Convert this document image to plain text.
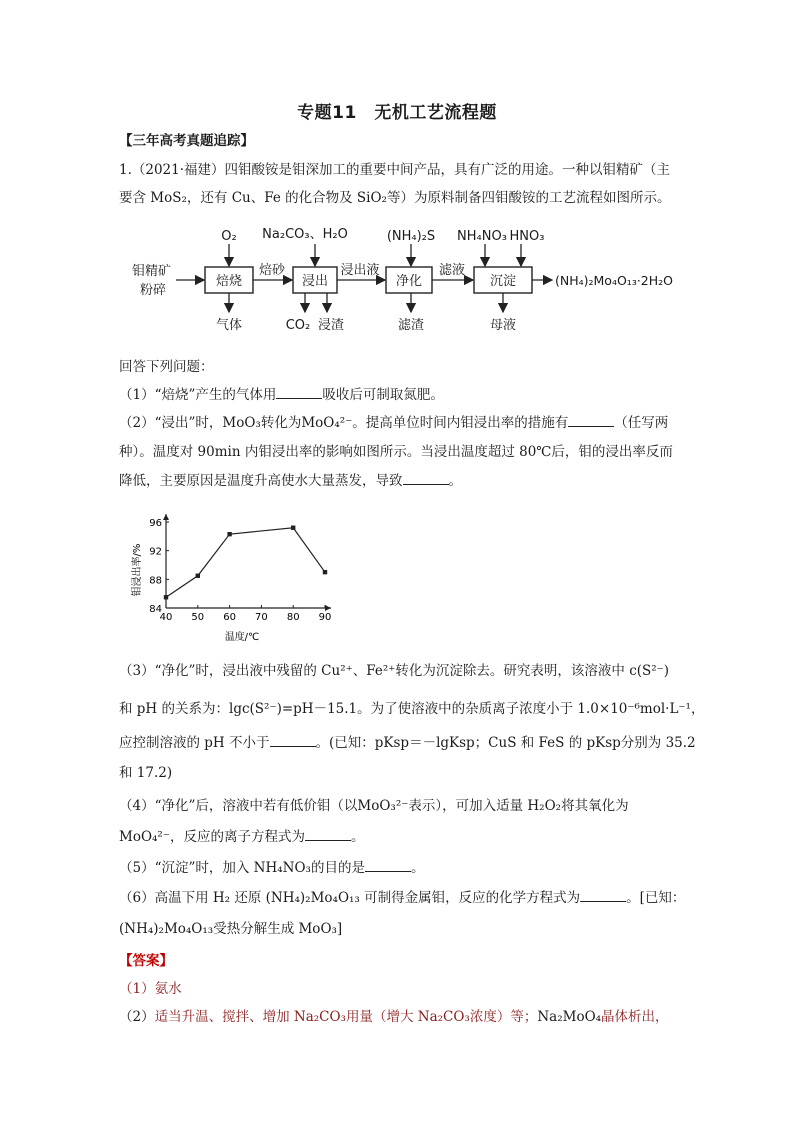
专题11　无机工艺流程题
【三年高考真题追踪】
1.（2021·福建）四钼酸铵是钼深加工的重要中间产品，具有广泛的用途。一种以钼精矿（主
要含 MoS₂，还有 Cu、Fe 的化合物及 SiO₂等）为原料制备四钼酸铵的工艺流程如图所示。
钼精矿
粉碎
焙烧
O₂
气体
焙砂
浸出
Na₂CO₃、H₂O
CO₂ 浸渣
浸出液
净化
(NH₄)₂S
滤渣
滤液
沉淀
NH₄NO₃ HNO₃
母液
(NH₄)₂Mo₄O₁₃·2H₂O
回答下列问题：
（1）“焙烧”产生的气体用	吸收后可制取氮肥。
（2）“浸出”时，MoO₃转化为MoO₄²⁻。提高单位时间内钼浸出率的措施有	（任写两
种）。温度对 90min 内钼浸出率的影响如图所示。当浸出温度超过 80℃后，钼的浸出率反而
降低，主要原因是温度升高使水大量蒸发，导致	。
40 50 60 70 80 90
84
88
92
96
温度/℃
钼浸出率/%
（3）“净化”时，浸出液中残留的 Cu²⁺、Fe²⁺转化为沉淀除去。研究表明，该溶液中 c(S²⁻)
和 pH 的关系为：lgc(S²⁻)=pH－15.1。为了使溶液中的杂质离子浓度小于 1.0×10⁻⁶mol·L⁻¹，
应控制溶液的 pH 不小于	。(已知：pKsp＝－lgKsp；CuS 和 FeS 的 pKsp分别为 35.2
和 17.2)
（4）“净化”后，溶液中若有低价钼（以MoO₃²⁻表示），可加入适量 H₂O₂将其氧化为
MoO₄²⁻，反应的离子方程式为	。
（5）“沉淀”时，加入 NH₄NO₃的目的是	。
（6）高温下用 H₂ 还原 (NH₄)₂Mo₄O₁₃ 可制得金属钼，反应的化学方程式为	。[已知：
(NH₄)₂Mo₄O₁₃受热分解生成 MoO₃]
【答案】
（1）氨水
（2）适当升温、搅拌、增加 Na₂CO₃用量（增大 Na₂CO₃浓度）等；Na₂MoO₄晶体析出，
